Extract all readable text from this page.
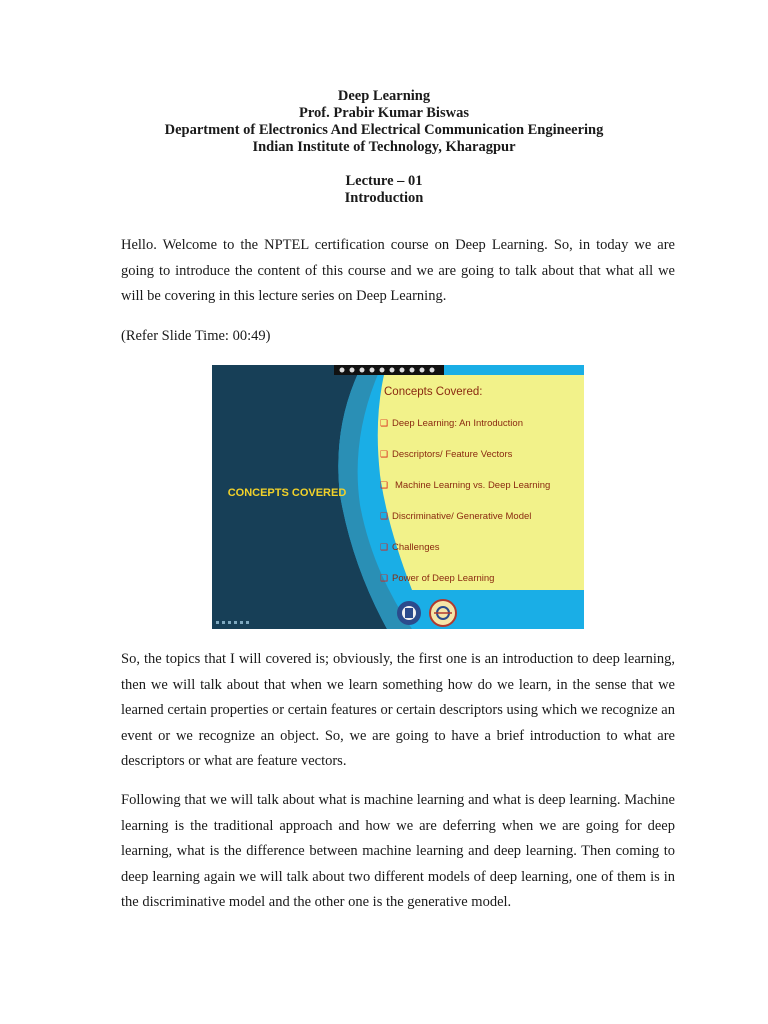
Deep Learning
Prof. Prabir Kumar Biswas
Department of Electronics And Electrical Communication Engineering
Indian Institute of Technology, Kharagpur
Lecture – 01
Introduction

Hello. Welcome to the NPTEL certification course on Deep Learning. So, in today we are going to introduce the content of this course and we are going to talk about that what all we will be covering in this lecture series on Deep Learning.

(Refer Slide Time: 00:49)

CONCEPTS COVERED
Concepts Covered:
❑
❑
❑
❑
❑
❑
Deep Learning: An Introduction
Descriptors/ Feature Vectors
Machine Learning vs. Deep Learning
Discriminative/ Generative Model
Challenges
Power of Deep Learning

So, the topics that I will covered is; obviously, the first one is an introduction to deep learning, then we will talk about that when we learn something how do we learn, in the sense that we learned certain properties or certain features or certain descriptors using which we recognize an event or we recognize an object. So, we are going to have a brief introduction to what are descriptors or what are feature vectors.

Following that we will talk about what is machine learning and what is deep learning. Machine learning is the traditional approach and how we are deferring when we are going for deep learning, what is the difference between machine learning and deep learning. Then coming to deep learning again we will talk about two different models of deep learning, one of them is in the discriminative model and the other one is the generative model.
